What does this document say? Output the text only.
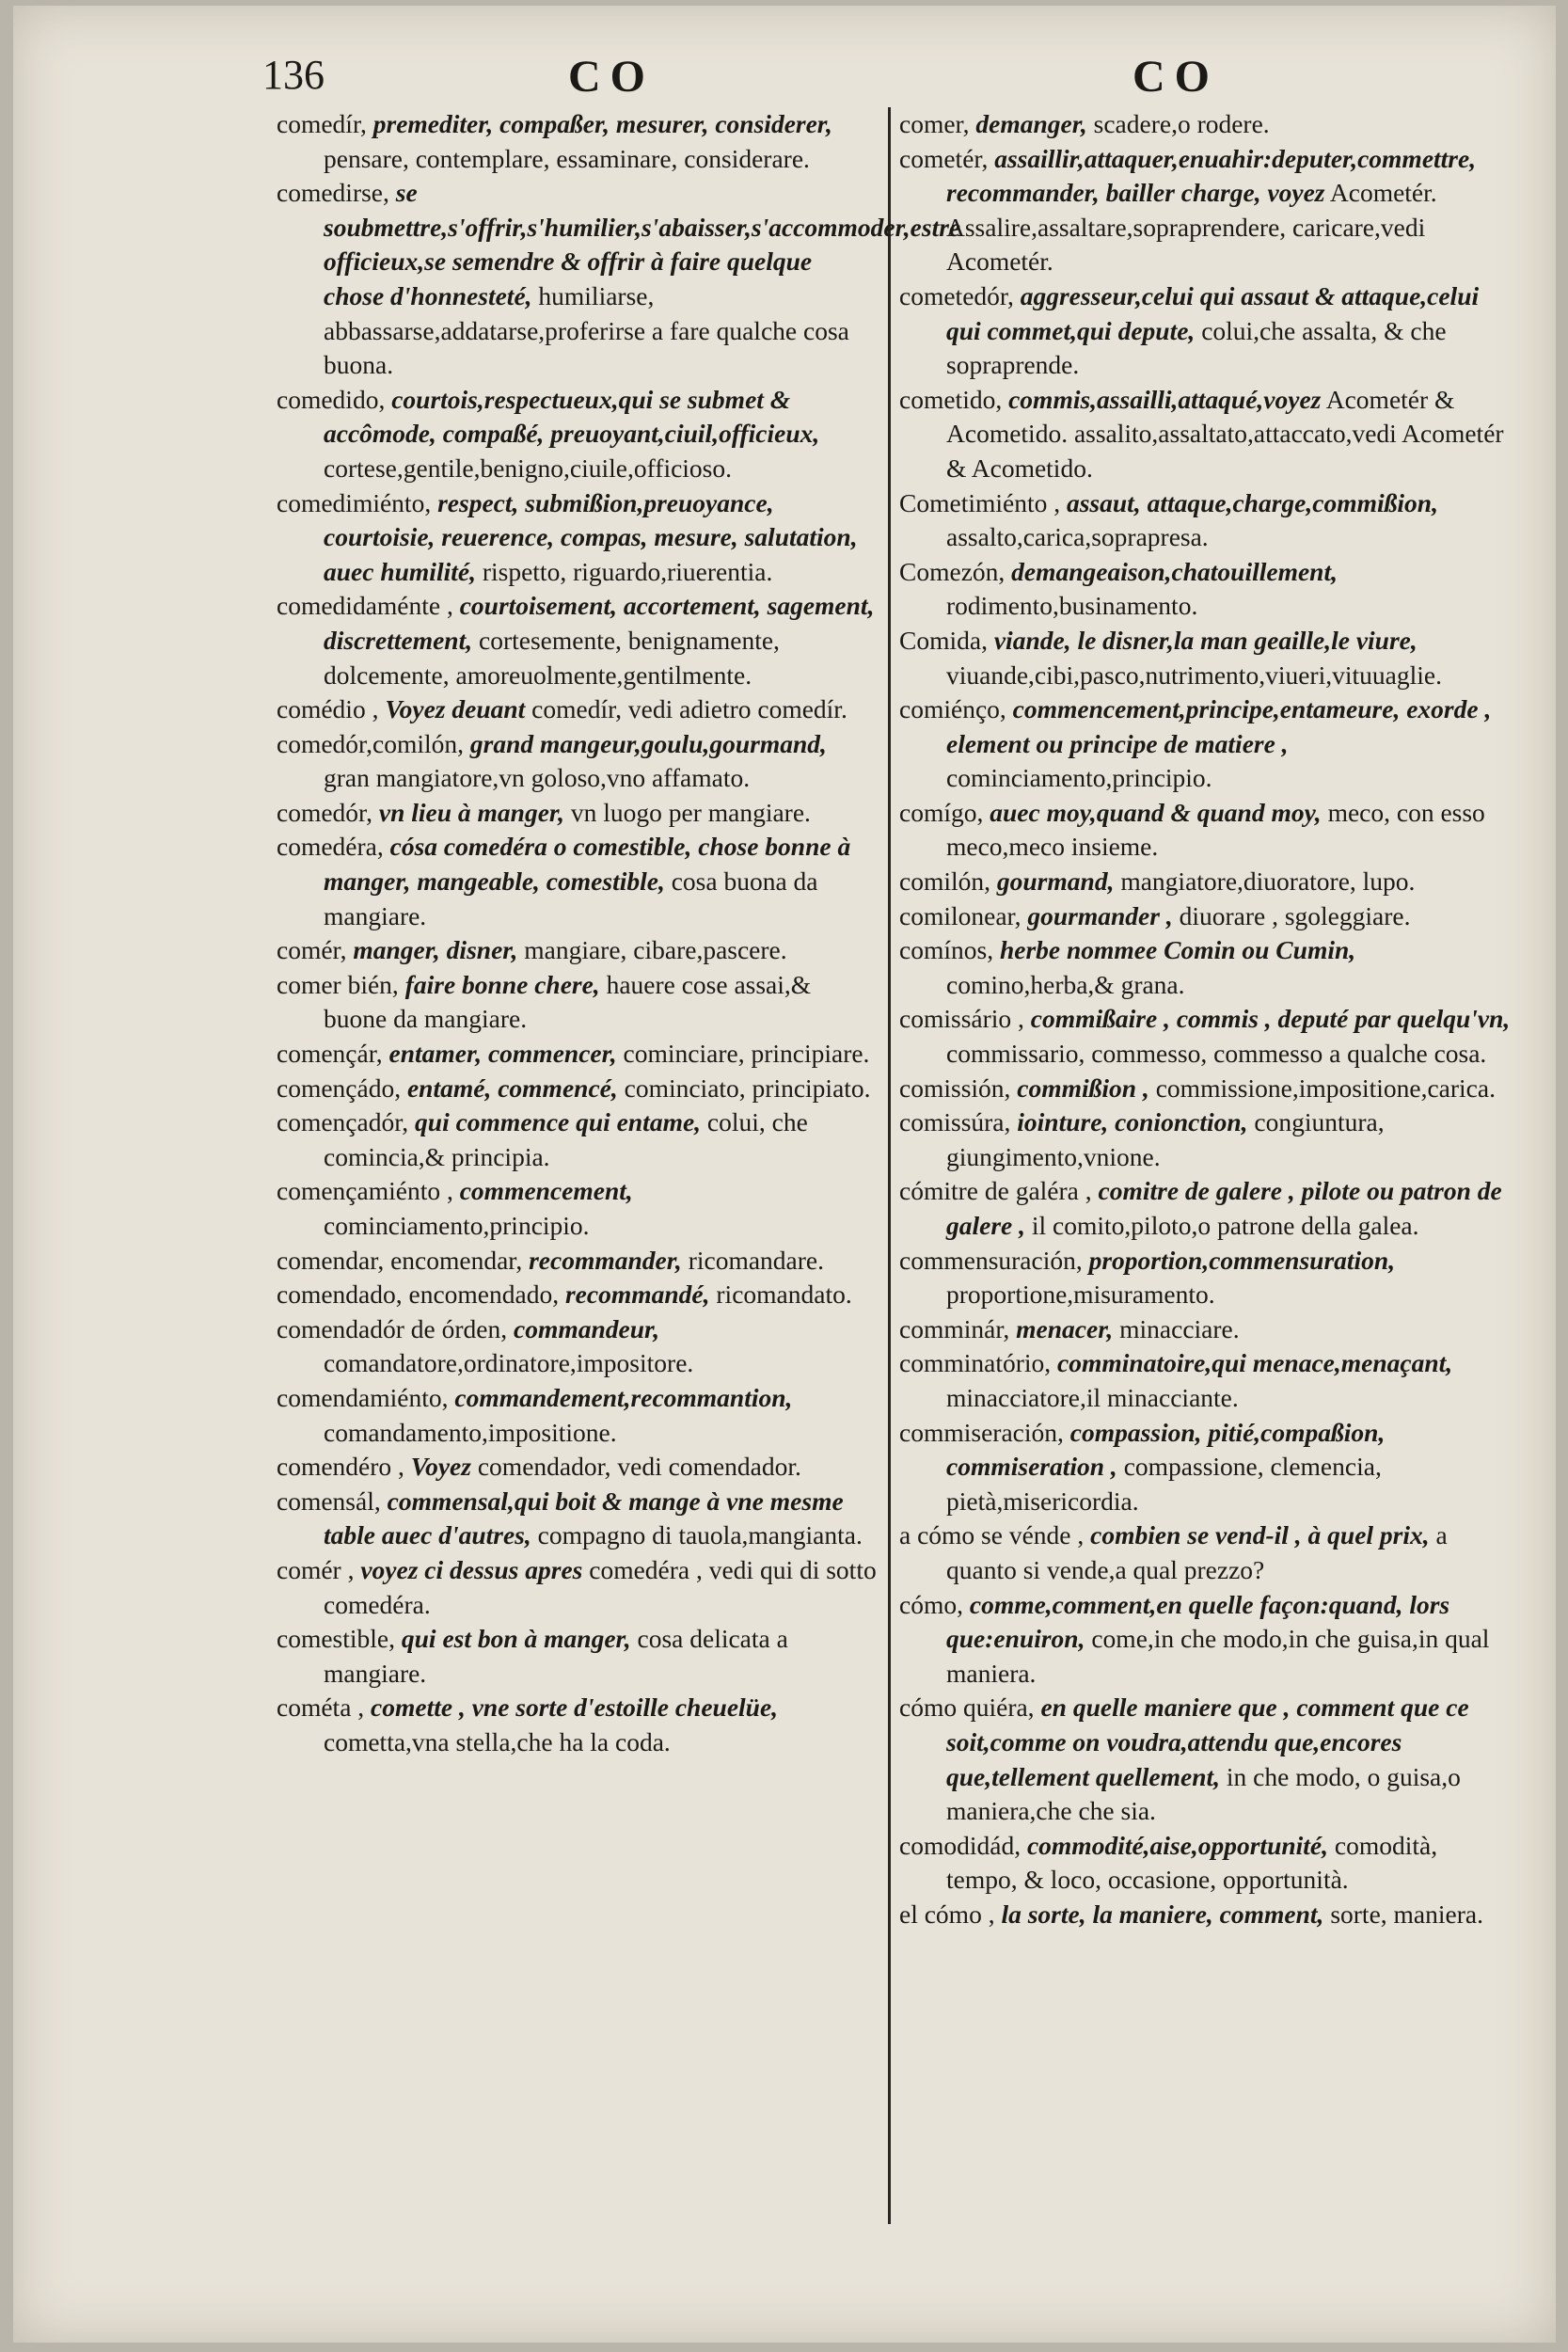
136	CO	CO

comedír, premediter, compaßer, mesurer, considerer, pensare, contemplare, essaminare, considerare.

comedirse, se soubmettre,s'offrir,s'humilier,s'abaisser,s'accommoder,estre officieux,se semendre & offrir à faire quelque chose d'honnesteté, humiliarse, abbassarse,addatarse,proferirse a fare qualche cosa buona.

comedido, courtois,respectueux,qui se submet & accômode, compaßé, preuoyant,ciuil,officieux, cortese,gentile,benigno,ciuile,officioso.

comedimiénto, respect, submißion,preuoyance, courtoisie, reuerence, compas, mesure, salutation, auec humilité, rispetto, riguardo,riuerentia.

comedidaménte , courtoisement, accortement, sagement, discrettement, cortesemente, benignamente, dolcemente, amoreuolmente,gentilmente.

comédio , Voyez deuant comedír, vedi adietro comedír.

comedór,comilón, grand mangeur,goulu,gourmand, gran mangiatore,vn goloso,vno affamato.

comedór, vn lieu à manger, vn luogo per mangiare.

comedéra, cósa comedéra o comestible, chose bonne à manger, mangeable, comestible, cosa buona da mangiare.

comér, manger, disner, mangiare, cibare,pascere.

comer bién, faire bonne chere, hauere cose assai,& buone da mangiare.

començár, entamer, commencer, cominciare, principiare.

començádo, entamé, commencé, cominciato, principiato.

començadór, qui commence qui entame, colui, che comincia,& principia.

començamiénto , commencement, cominciamento,principio.

comendar, encomendar, recommander, ricomandare.

comendado, encomendado, recommandé, ricomandato.

comendadór de órden, commandeur, comandatore,ordinatore,impositore.

comendamiénto, commandement,recommantion, comandamento,impositione.

comendéro , Voyez comendador, vedi comendador.

comensál, commensal,qui boit & mange à vne mesme table auec d'autres, compagno di tauola,mangianta.

comér , voyez ci dessus apres comedéra , vedi qui di sotto comedéra.

comestible, qui est bon à manger, cosa delicata a mangiare.

cométa , comette , vne sorte d'estoille cheuelüe, cometta,vna stella,che ha la coda.

comer, demanger, scadere,o rodere.

cometér, assaillir,attaquer,enuahir:deputer,commettre, recommander, bailler charge, voyez Acometér. Assalire,assaltare,sopraprendere, caricare,vedi Acometér.

cometedór, aggresseur,celui qui assaut & attaque,celui qui commet,qui depute, colui,che assalta, & che sopraprende.

cometido, commis,assailli,attaqué,voyez Acometér & Acometido. assalito,assaltato,attaccato,vedi Acometér & Acometido.

Cometimiénto , assaut, attaque,charge,commißion, assalto,carica,soprapresa.

Comezón, demangeaison,chatouillement, rodimento,businamento.

Comida, viande, le disner,la man geaille,le viure, viuande,cibi,pasco,nutrimento,viueri,vituuaglie.

comiénço, commencement,principe,entameure, exorde , element ou principe de matiere , cominciamento,principio.

comígo, auec moy,quand & quand moy, meco, con esso meco,meco insieme.

comilón, gourmand, mangiatore,diuoratore, lupo.

comilonear, gourmander , diuorare , sgoleggiare.

comínos, herbe nommee Comin ou Cumin, comino,herba,& grana.

comissário , commißaire , commis , deputé par quelqu'vn, commissario, commesso, commesso a qualche cosa.

comissión, commißion , commissione,impositione,carica.

comissúra, iointure, conionction, congiuntura, giungimento,vnione.

cómitre de galéra , comitre de galere , pilote ou patron de galere , il comito,piloto,o patrone della galea.

commensuración, proportion,commensuration, proportione,misuramento.

comminár, menacer, minacciare.

comminatório, comminatoire,qui menace,menaçant, minacciatore,il minacciante.

commiseración, compassion, pitié,compaßion, commiseration , compassione, clemencia, pietà,misericordia.

a cómo se vénde , combien se vend-il , à quel prix, a quanto si vende,a qual prezzo?

cómo, comme,comment,en quelle façon:quand, lors que:enuiron, come,in che modo,in che guisa,in qual maniera.

cómo quiéra, en quelle maniere que , comment que ce soit,comme on voudra,attendu que,encores que,tellement quellement, in che modo, o guisa,o maniera,che che sia.

comodidád, commodité,aise,opportunité, comodità, tempo, & loco, occasione, opportunità.

el cómo , la sorte, la maniere, comment, sorte, maniera.
